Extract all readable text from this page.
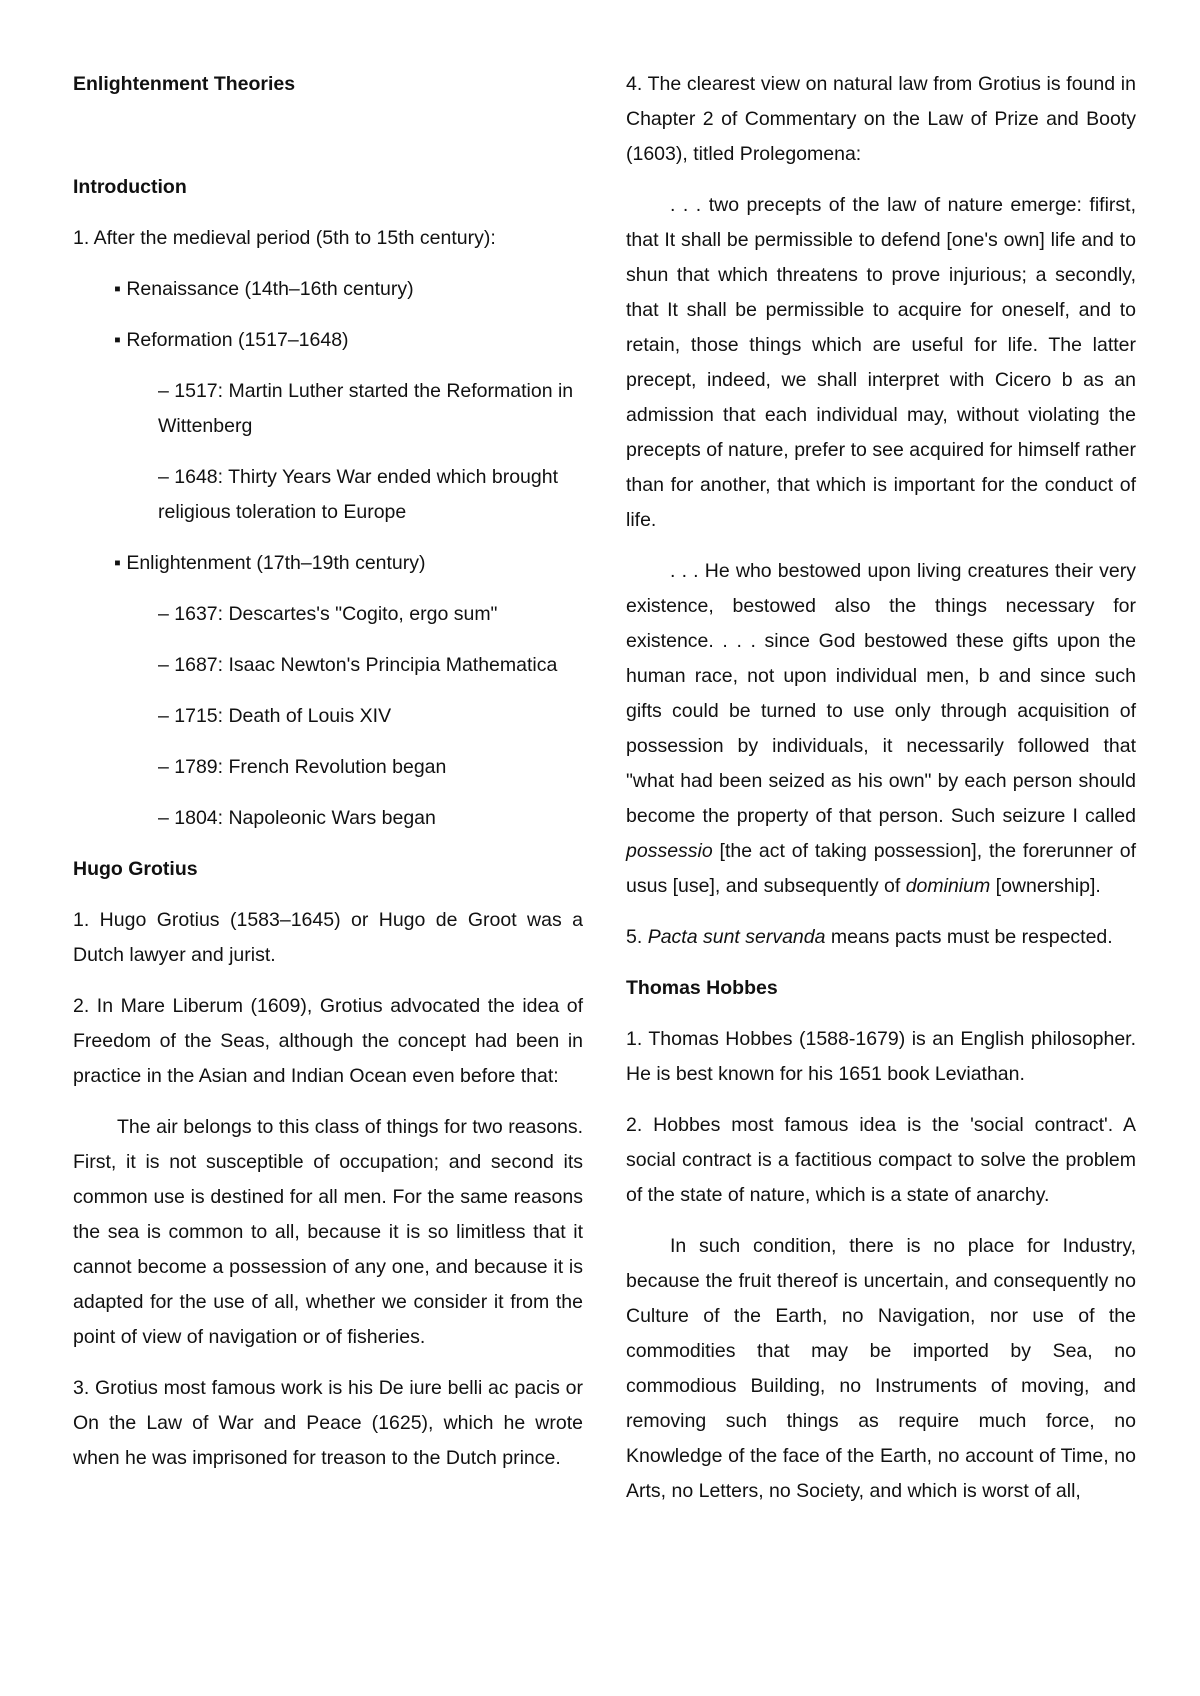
Enlightenment Theories

Introduction

1. After the medieval period (5th to 15th century):

▪ Renaissance (14th–16th century)

▪ Reformation (1517–1648)

– 1517: Martin Luther started the Reformation in Wittenberg

– 1648: Thirty Years War ended which brought religious toleration to Europe

▪ Enlightenment (17th–19th century)

– 1637: Descartes's "Cogito, ergo sum"

– 1687: Isaac Newton's Principia Mathematica

– 1715: Death of Louis XIV

– 1789: French Revolution began

– 1804: Napoleonic Wars began

Hugo Grotius

1. Hugo Grotius (1583–1645) or Hugo de Groot was a Dutch lawyer and jurist.

2. In Mare Liberum (1609), Grotius advocated the idea of Freedom of the Seas, although the concept had been in practice in the Asian and Indian Ocean even before that:

The air belongs to this class of things for two reasons. First, it is not susceptible of occupation; and second its common use is destined for all men. For the same reasons the sea is common to all, because it is so limitless that it cannot become a possession of any one, and because it is adapted for the use of all, whether we consider it from the point of view of navigation or of fisheries.

3. Grotius most famous work is his De iure belli ac pacis or On the Law of War and Peace (1625), which he wrote when he was imprisoned for treason to the Dutch prince.

4. The clearest view on natural law from Grotius is found in Chapter 2 of Commentary on the Law of Prize and Booty (1603), titled Prolegomena:

. . . two precepts of the law of nature emerge: fifirst, that It shall be permissible to defend [one's own] life and to shun that which threatens to prove injurious; a secondly, that It shall be permissible to acquire for oneself, and to retain, those things which are useful for life. The latter precept, indeed, we shall interpret with Cicero b as an admission that each individual may, without violating the precepts of nature, prefer to see acquired for himself rather than for another, that which is important for the conduct of life.

. . . He who bestowed upon living creatures their very existence, bestowed also the things necessary for existence. . . . since God bestowed these gifts upon the human race, not upon individual men, b and since such gifts could be turned to use only through acquisition of possession by individuals, it necessarily followed that "what had been seized as his own" by each person should become the property of that person. Such seizure I called possessio [the act of taking possession], the forerunner of usus [use], and subsequently of dominium [ownership].

5. Pacta sunt servanda means pacts must be respected.

Thomas Hobbes

1. Thomas Hobbes (1588-1679) is an English philosopher. He is best known for his 1651 book Leviathan.

2. Hobbes most famous idea is the 'social contract'. A social contract is a factitious compact to solve the problem of the state of nature, which is a state of anarchy.

In such condition, there is no place for Industry, because the fruit thereof is uncertain, and consequently no Culture of the Earth, no Navigation, nor use of the commodities that may be imported by Sea, no commodious Building, no Instruments of moving, and removing such things as require much force, no Knowledge of the face of the Earth, no account of Time, no Arts, no Letters, no Society, and which is worst of all,
